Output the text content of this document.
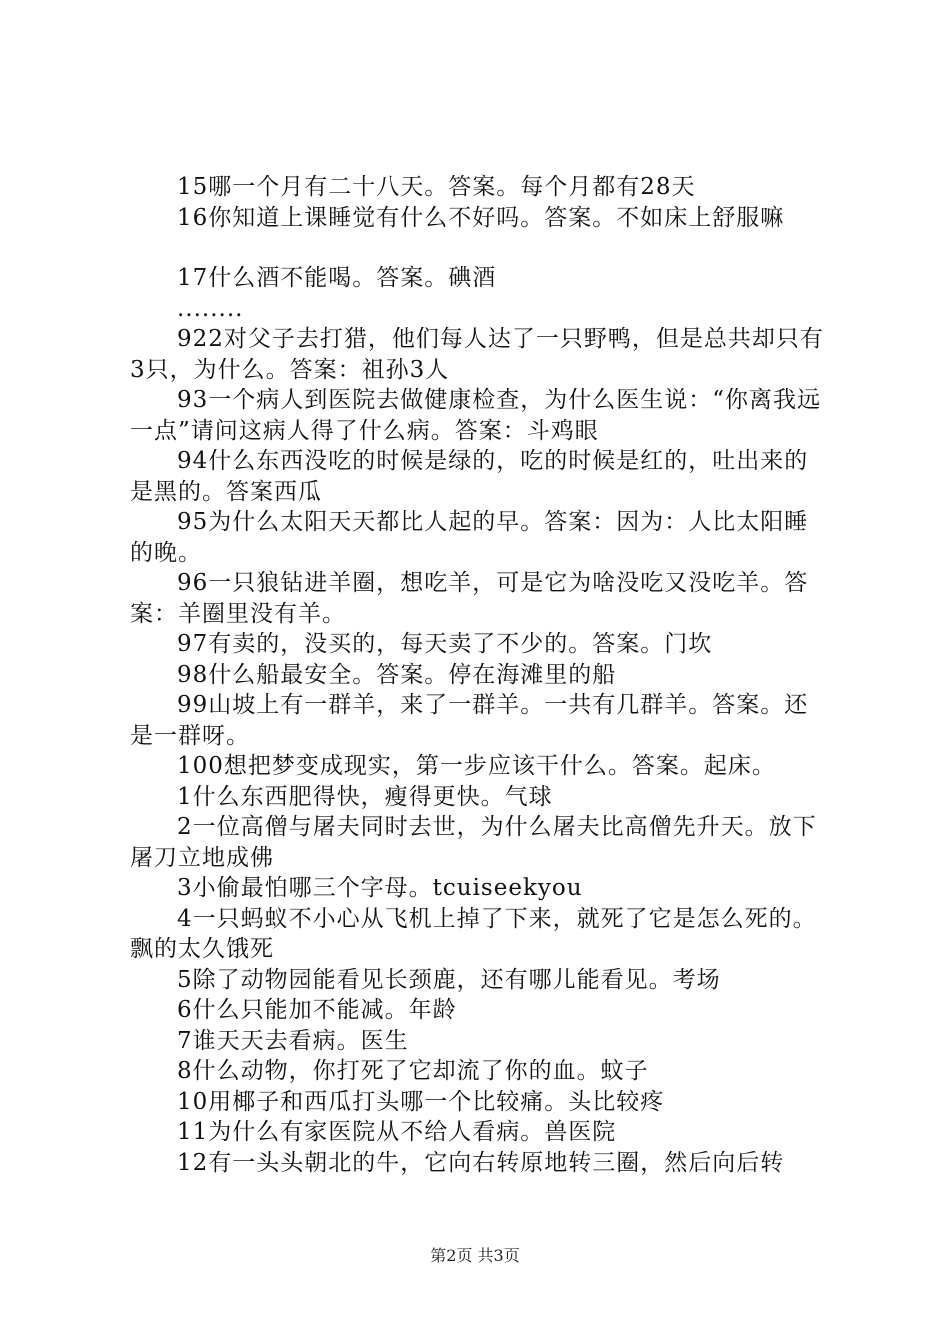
15哪一个月有二十八天。答案。每个月都有28天

16你知道上课睡觉有什么不好吗。答案。不如床上舒服嘛

17什么酒不能喝。答案。碘酒

........

922对父子去打猎，他们每人达了一只野鸭，但是总共却只有3只，为什么。答案：祖孙3人

93一个病人到医院去做健康检查，为什么医生说：“你离我远一点”请问这病人得了什么病。答案：斗鸡眼

94什么东西没吃的时候是绿的，吃的时候是红的，吐出来的是黑的。答案西瓜

95为什么太阳天天都比人起的早。答案：因为：人比太阳睡的晚。

96一只狼钻进羊圈，想吃羊，可是它为啥没吃又没吃羊。答案：羊圈里没有羊。

97有卖的，没买的，每天卖了不少的。答案。门坎

98什么船最安全。答案。停在海滩里的船

99山坡上有一群羊，来了一群羊。一共有几群羊。答案。还是一群呀。

100想把梦变成现实，第一步应该干什么。答案。起床。

1什么东西肥得快，瘦得更快。气球

2一位高僧与屠夫同时去世，为什么屠夫比高僧先升天。放下屠刀立地成佛

3小偷最怕哪三个字母。tcuiseekyou

4一只蚂蚁不小心从飞机上掉了下来，就死了它是怎么死的。飘的太久饿死

5除了动物园能看见长颈鹿，还有哪儿能看见。考场

6什么只能加不能减。年龄

7谁天天去看病。医生

8什么动物，你打死了它却流了你的血。蚊子

10用椰子和西瓜打头哪一个比较痛。头比较疼

11为什么有家医院从不给人看病。兽医院

12有一头头朝北的牛，它向右转原地转三圈，然后向后转

第2页 共3页
